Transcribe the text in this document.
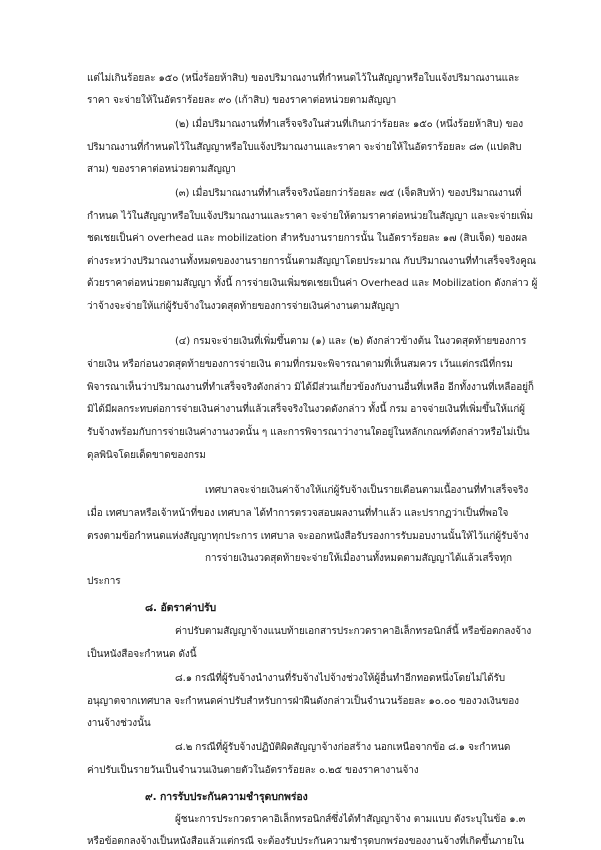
แต่ไม่เกินร้อยละ ๑๕๐ (หนึ่งร้อยห้าสิบ) ของปริมาณงานที่กำหนดไว้ในสัญญาหรือใบแจ้งปริมาณงานและ
ราคา จะจ่ายให้ในอัตราร้อยละ ๙๐ (เก้าสิบ) ของราคาต่อหน่วยตามสัญญา
(๒) เมื่อปริมาณงานที่ทำเสร็จจริงในส่วนที่เกินกว่าร้อยละ ๑๕๐ (หนึ่งร้อยห้าสิบ) ของ
ปริมาณงานที่กำหนดไว้ในสัญญาหรือใบแจ้งปริมาณงานและราคา จะจ่ายให้ในอัตราร้อยละ ๘๓ (แปดสิบ
สาม) ของราคาต่อหน่วยตามสัญญา
(๓) เมื่อปริมาณงานที่ทำเสร็จจริงน้อยกว่าร้อยละ ๗๕ (เจ็ดสิบห้า) ของปริมาณงานที่
กำหนด ไว้ในสัญญาหรือใบแจ้งปริมาณงานและราคา จะจ่ายให้ตามราคาต่อหน่วยในสัญญา และจะจ่ายเพิ่ม
ชดเชยเป็นค่า overhead และ mobilization สำหรับงานรายการนั้น ในอัตราร้อยละ ๑๗ (สิบเจ็ด) ของผล
ต่างระหว่างปริมาณงานทั้งหมดของงานรายการนั้นตามสัญญาโดยประมาณ กับปริมาณงานที่ทำเสร็จจริงคูณ
ด้วยราคาต่อหน่วยตามสัญญา ทั้งนี้ การจ่ายเงินเพิ่มชดเชยเป็นค่า Overhead และ Mobilization ดังกล่าว ผู้
ว่าจ้างจะจ่ายให้แก่ผู้รับจ้างในงวดสุดท้ายของการจ่ายเงินค่างานตามสัญญา
(๔) กรมจะจ่ายเงินที่เพิ่มขึ้นตาม (๑) และ (๒) ดังกล่าวข้างต้น ในงวดสุดท้ายของการ
จ่ายเงิน หรือก่อนงวดสุดท้ายของการจ่ายเงิน ตามที่กรมจะพิจารณาตามที่เห็นสมควร เว้นแต่กรณีที่กรม
พิจารณาเห็นว่าปริมาณงานที่ทำเสร็จจริงดังกล่าว มิได้มีส่วนเกี่ยวข้องกับงานอื่นที่เหลือ อีกทั้งงานที่เหลืออยู่ก็
มิได้มีผลกระทบต่อการจ่ายเงินค่างานที่แล้วเสร็จจริงในงวดดังกล่าว ทั้งนี้ กรม อาจจ่ายเงินที่เพิ่มขึ้นให้แก่ผู้
รับจ้างพร้อมกับการจ่ายเงินค่างานงวดนั้น ๆ และการพิจารณาว่างานใดอยู่ในหลักเกณฑ์ดังกล่าวหรือไม่เป็น
ดุลพินิจโดยเด็ดขาดของกรม
เทศบาลจะจ่ายเงินค่าจ้างให้แก่ผู้รับจ้างเป็นรายเดือนตามเนื้องานที่ทำเสร็จจริง
เมื่อ เทศบาลหรือเจ้าหน้าที่ของ เทศบาล ได้ทำการตรวจสอบผลงานที่ทำแล้ว และปรากฏว่าเป็นที่พอใจ
ตรงตามข้อกำหนดแห่งสัญญาทุกประการ เทศบาล จะออกหนังสือรับรองการรับมอบงานนั้นให้ไว้แก่ผู้รับจ้าง
การจ่ายเงินงวดสุดท้ายจะจ่ายให้เมื่องานทั้งหมดตามสัญญาได้แล้วเสร็จทุก
ประการ
๘. อัตราค่าปรับ
ค่าปรับตามสัญญาจ้างแนบท้ายเอกสารประกวดราคาอิเล็กทรอนิกส์นี้ หรือข้อตกลงจ้าง
เป็นหนังสือจะกำหนด ดังนี้
๘.๑ กรณีที่ผู้รับจ้างนำงานที่รับจ้างไปจ้างช่วงให้ผู้อื่นทำอีกทอดหนึ่งโดยไม่ได้รับ
อนุญาตจากเทศบาล จะกำหนดค่าปรับสำหรับการฝ่าฝืนดังกล่าวเป็นจำนวนร้อยละ ๑๐.๐๐ ของวงเงินของ
งานจ้างช่วงนั้น
๘.๒ กรณีที่ผู้รับจ้างปฏิบัติผิดสัญญาจ้างก่อสร้าง นอกเหนือจากข้อ ๘.๑ จะกำหนด
ค่าปรับเป็นรายวันเป็นจำนวนเงินตายตัวในอัตราร้อยละ ๐.๒๕ ของราคางานจ้าง
๙. การรับประกันความชำรุดบกพร่อง
ผู้ชนะการประกวดราคาอิเล็กทรอนิกส์ซึ่งได้ทำสัญญาจ้าง ตามแบบ ดังระบุในข้อ ๑.๓
หรือข้อตกลงจ้างเป็นหนังสือแล้วแต่กรณี จะต้องรับประกันความชำรุดบกพร่องของงานจ้างที่เกิดขึ้นภายใน
